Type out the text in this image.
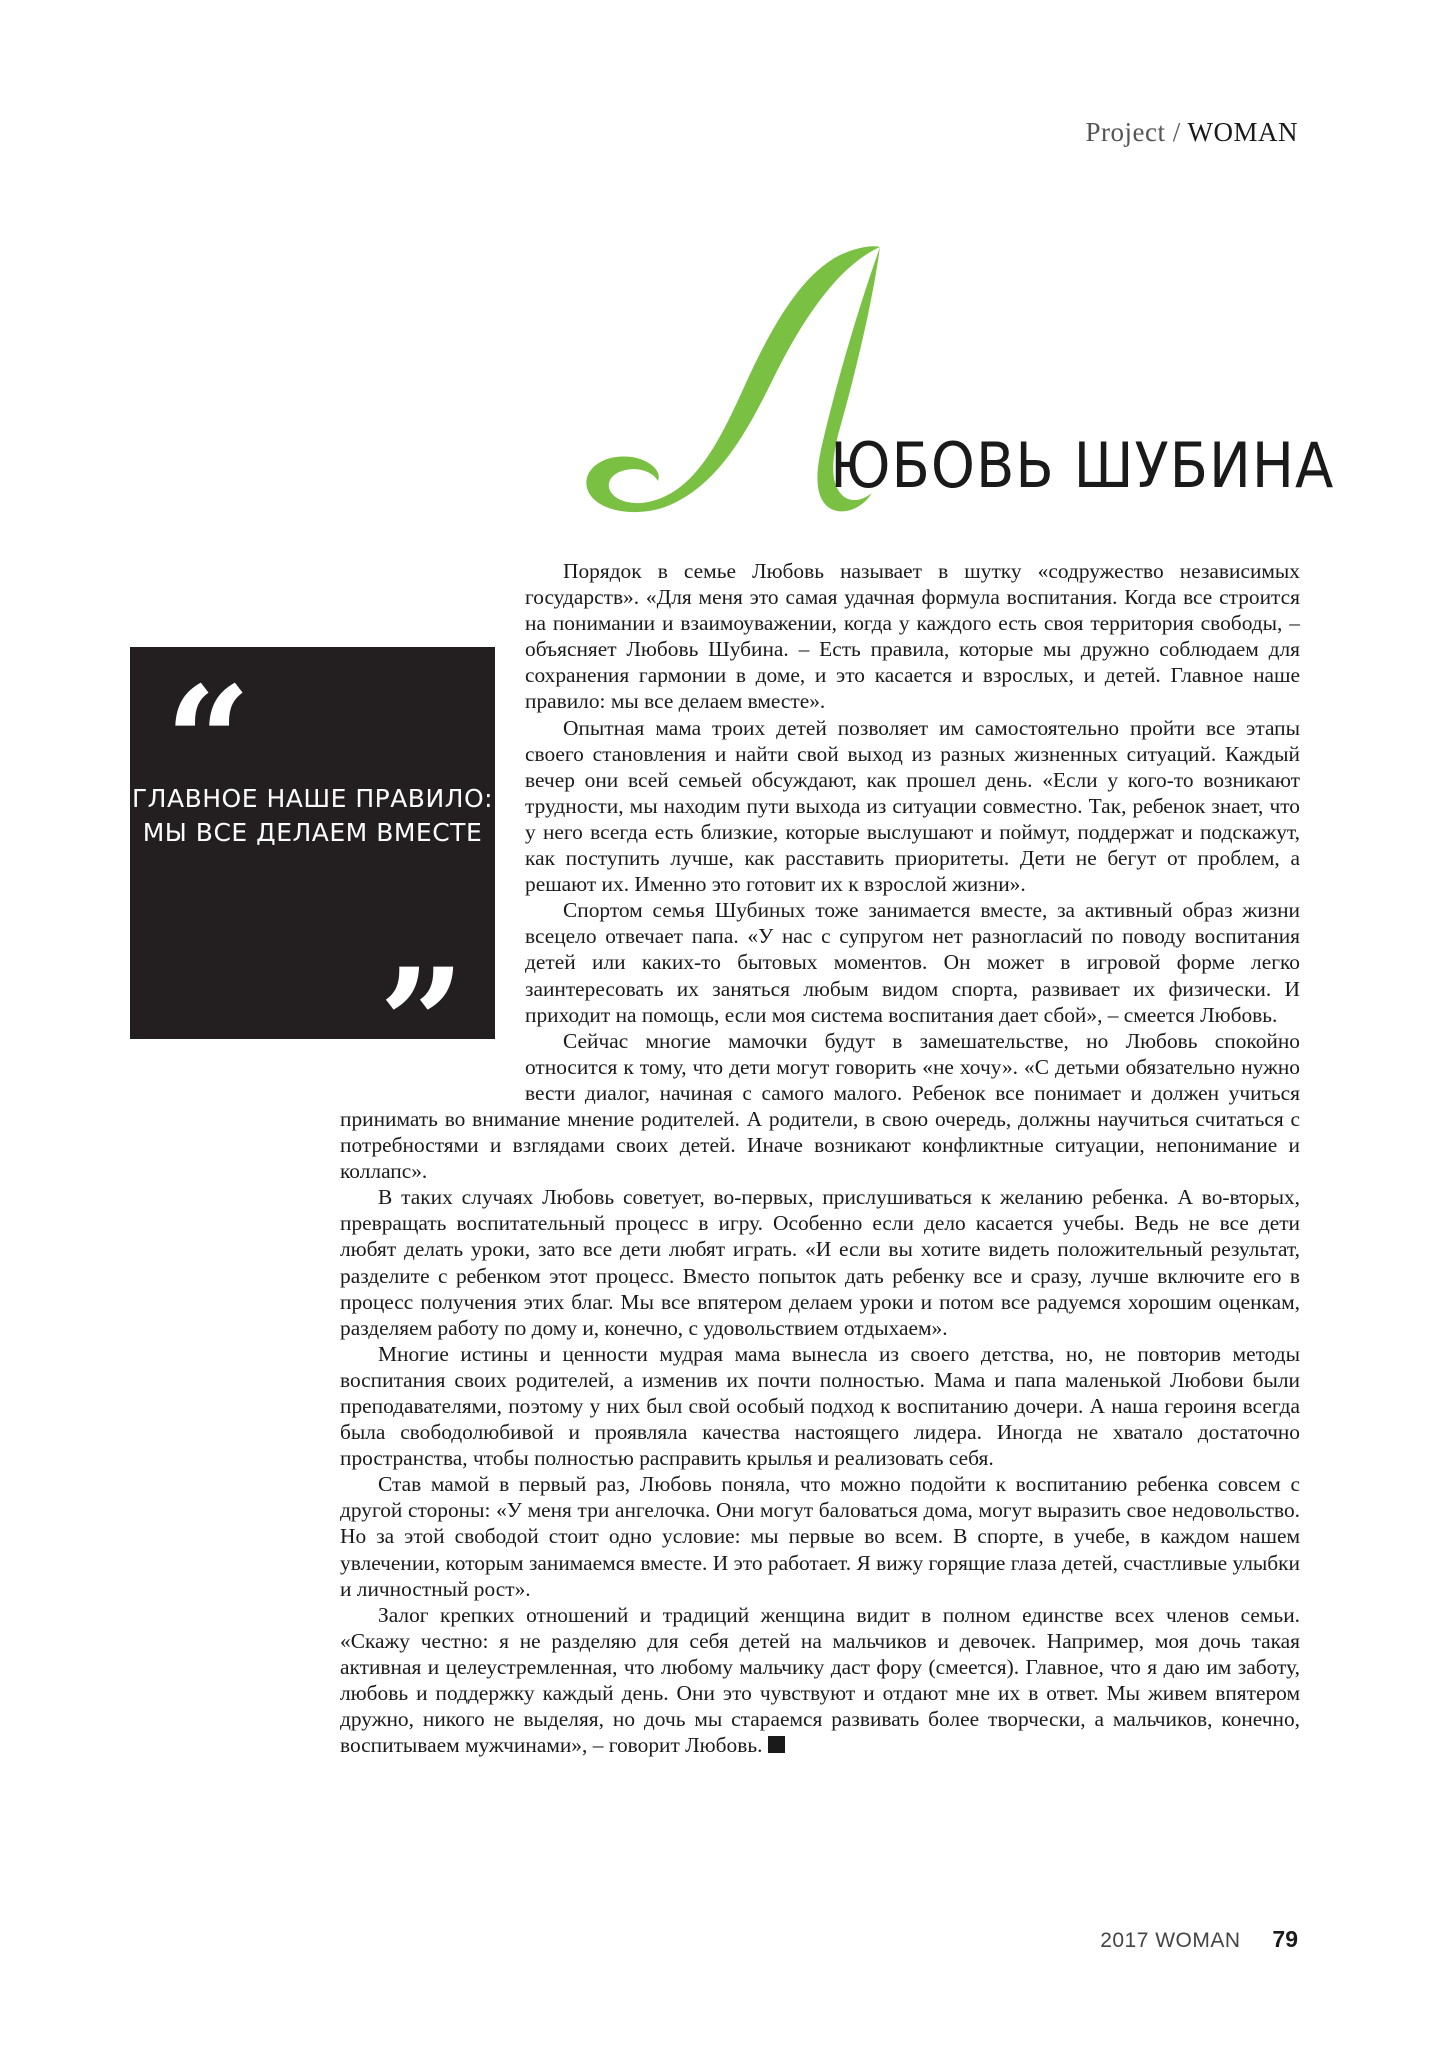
Project / WOMAN
ЮБОВЬ ШУБИНА
“
ГЛАВНОЕ НАШЕ ПРАВИЛО: МЫ ВСЕ ДЕЛАЕМ ВМЕСТЕ
”

Порядок в семье Любовь называет в шутку «содружество независимых государств». «Для меня это самая удачная формула воспитания. Когда все строится на понимании и взаимоуважении, когда у каждого есть своя территория свободы, – объясняет Любовь Шубина. – Есть правила, которые мы дружно соблюдаем для сохранения гармонии в доме, и это касается и взрослых, и детей. Главное наше правило: мы все делаем вместе».

Опытная мама троих детей позволяет им самостоятельно пройти все этапы своего становления и найти свой выход из разных жизненных ситуаций. Каждый вечер они всей семьей обсуждают, как прошел день. «Если у кого-то возникают трудности, мы находим пути выхода из ситуации совместно. Так, ребенок знает, что у него всегда есть близкие, которые выслушают и поймут, поддержат и подскажут, как поступить лучше, как расставить приоритеты. Дети не бегут от проблем, а решают их. Именно это готовит их к взрослой жизни».

Спортом семья Шубиных тоже занимается вместе, за активный образ жизни всецело отвечает папа. «У нас с супругом нет разногласий по поводу воспитания детей или каких-то бытовых моментов. Он может в игровой форме легко заинтересовать их заняться любым видом спорта, развивает их физически. И приходит на помощь, если моя система воспитания дает сбой», – смеется Любовь.

Сейчас многие мамочки будут в замешательстве, но Любовь спокойно относится к тому, что дети могут говорить «не хочу». «С детьми обязательно нужно вести диалог, начиная с самого малого. Ребенок все понимает и должен учиться принимать во внимание мнение родителей. А родители, в свою очередь, должны научиться считаться с потребностями и взглядами своих детей. Иначе возникают конфликтные ситуации, непонимание и коллапс».

В таких случаях Любовь советует, во-первых, прислушиваться к желанию ребенка. А во-вторых, превращать воспитательный процесс в игру. Особенно если дело касается учебы. Ведь не все дети любят делать уроки, зато все дети любят играть. «И если вы хотите видеть положительный результат, разделите с ребенком этот процесс. Вместо попыток дать ребенку все и сразу, лучше включите его в процесс получения этих благ. Мы все впятером делаем уроки и потом все радуемся хорошим оценкам, разделяем работу по дому и, конечно, с удовольствием отдыхаем».

Многие истины и ценности мудрая мама вынесла из своего детства, но, не повторив методы воспитания своих родителей, а изменив их почти полностью. Мама и папа маленькой Любови были преподавателями, поэтому у них был свой особый подход к воспитанию дочери. А наша героиня всегда была свободолюбивой и проявляла качества настоящего лидера. Иногда не хватало достаточно пространства, чтобы полностью расправить крылья и реализовать себя.

Став мамой в первый раз, Любовь поняла, что можно подойти к воспитанию ребенка совсем с другой стороны: «У меня три ангелочка. Они могут баловаться дома, могут выразить свое недовольство. Но за этой свободой стоит одно условие: мы первые во всем. В спорте, в учебе, в каждом нашем увлечении, которым занимаемся вместе. И это работает. Я вижу горящие глаза детей, счастливые улыбки и личностный рост».

Залог крепких отношений и традиций женщина видит в полном единстве всех членов семьи. «Скажу честно: я не разделяю для себя детей на мальчиков и девочек. Например, моя дочь такая активная и целеустремленная, что любому мальчику даст фору (смеется). Главное, что я даю им заботу, любовь и поддержку каждый день. Они это чувствуют и отдают мне их в ответ. Мы живем впятером дружно, никого не выделяя, но дочь мы стараемся развивать более творчески, а мальчиков, конечно, воспитываем мужчинами», – говорит Любовь.

2017 WOMAN 79
